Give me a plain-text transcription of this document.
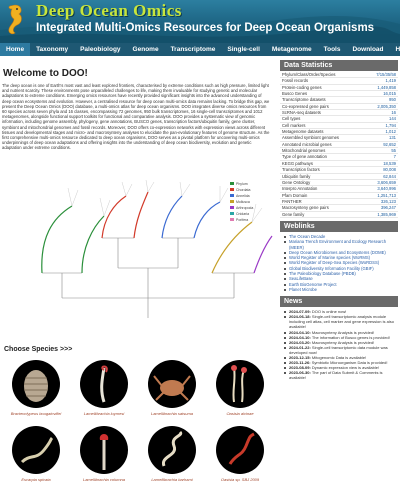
Deep Ocean Omics
Integrated Multi-Omics Resources for Deep Ocean Organisms
Home	Taxonomy	Paleobiology	Genome	Transcriptome	Single-cell	Metagenome	Tools	Download	Help
Welcome to DOO!

The deep ocean is one of Earth's most vast and least explored frontiers, characterised by extreme conditions such as high pressure, limited light and nutrient scarcity. These environments pose unparalleled challenges to life, making them invaluable for studying genetic and molecular adaptations to extreme conditions. Emerging omics resources have recently provided significant insights into the advanced understanding of deep ocean ecosystems and evolution. However, a centralised resource for deep ocean multi-omics data remains lacking. To bridge this gap, we present the Deep Ocean Omics (DOO) database, a multi-omics atlas for deep ocean organisms. DOO integrates diverse omics resources from 60 species across seven phyla and 16 classes, encompassing 72 genomes, 950 bulk transcriptomes, 16 single-cell transcriptomes and 1012 metagenomes, alongside functional support toolkits for functional and comparative analysis. DOO provides a systematic view of genomic information, including genome assembly, phylogeny, gene annotations, BUSCO genes, transcription factors/ubiquitin family, gene cluster, symbiont and mitochondrial genomes and fossil records. Moreover, DOO offers co-expression networks with expression views across different tissues and developmental stages and micro- and macrosynteny analyses to elucidate the pan-evolutionary features of genome structure. As the first comprehensive multi-omics resource dedicated to deep ocean organisms, DOO serves as a pivotal platform for uncovering multi-omics underpinnings of deep ocean adaptations and offering insights into the understanding of deep ocean biodiversity, evolution and genetic adaptation under extreme conditions.

Phylum
Chordata
Annelida
Mollusca
Arthropoda
Cnidaria
Porifera
Choose Species >>>
Bracteoclypeus bougainvillei	Lamellibrachia luymesi	Lamellibrachia satsuma	Oasisia alvinae
Escarpia spicata	Lamellibrachia columna	Lamellibrachia barhami	Oasisia sp. SBJ 2009
Data Statistics
Phylum/Class/Order/Species	7/15/35/58
Fossil records	1,419
Protein-coding genes	1,449,858
Busco Genes	16,015
Transcriptome datasets	950
Co-expressed gene pairs	2,005,350
ScRNA-seq datasets	16
Cell types	144
Cell markers	1,794
Metagenome datasets	1,012
Assembled symbiont genomes	131
Annotated microbial genes	92,652
Mitochondrial genomes	55
Type of gene annotation	7
KEGG pathways	18,539
Transcription factors	80,008
Ubiquitin family	62,844
Gene Ontology	3,606,659
Interpro Annotation	3,640,996
Pfam Domain	1,251,713
PANTHER	326,123
Macrosynteny gene pairs	396,247
Gene family	1,385,969
Weblinks
The Ocean Decade
Mariana Trench Environment and Ecology Research (MEER)
Deep Ocean Microbiomes and Ecosystems (DOME)
World Register of Marine species (WoRMS)
World Register of Deep-Sea Species (WoRDSS)
Global Biodiversity Information Facility (GBIF)
The Paleobiology Database (PBDB)
SeaLifeBase
Earth BioGenome Project
Planet Microbe
News
2024-07-09: DOO is online now!
2024-06-18: Single-cell transcriptomic analysis module including cell atlas, cell marker and gene expression is also available!
2024-04-10: Macrosynteny Analysis is provided!
2024-04-10: The information of Busco genes is provided!
2024-03-20: Macrosynteny Analysis is provided!
2024-01-22: Single-cell transcriptomic data module was developed now!
2023-12-15: Mitogenomic Data is available!
2023-11-26: Symbiotic Microorganism Data is provided!
2023-08-09: Dynamic expression view is available!
2023-06-30: The part of Data Submit & Comments is available!
